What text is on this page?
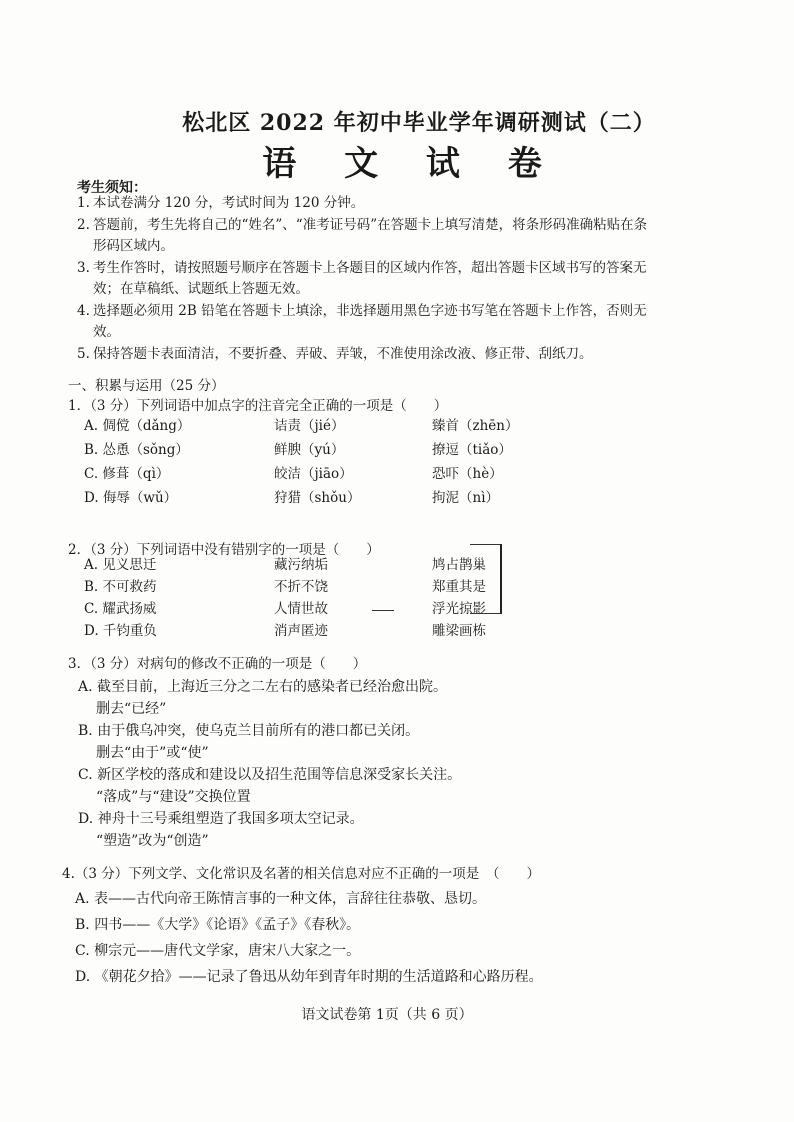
松北区 2022 年初中毕业学年调研测试（二）
语 文 试 卷
考生须知：
1. 本试卷满分 120 分，考试时间为 120 分钟。
2. 答题前，考生先将自己的“姓名”、“准考证号码”在答题卡上填写清楚，将条形码准确粘贴在条形码区域内。
3. 考生作答时，请按照题号顺序在答题卡上各题目的区域内作答，超出答题卡区域书写的答案无效；在草稿纸、试题纸上答题无效。
4. 选择题必须用 2B 铅笔在答题卡上填涂，非选择题用黑色字迹书写笔在答题卡上作答，否则无效。
5. 保持答题卡表面清洁，不要折叠、弄破、弄皱，不准使用涂改液、修正带、刮纸刀。
一、积累与运用（25 分）
1．（3 分）下列词语中加点字的注音完全正确的一项是（　　）
A. 倜傥（dǎng）	诘责（jié）	臻首（zhēn）
B. 怂恿（sǒng）	鲜腴（yú）	撩逗（tiǎo）
C. 修葺（qì）	皎洁（jiāo）	恐吓（hè）
D. 侮辱（wǔ）	狩猎（shǒu）	拘泥（nì）
2．（3 分）下列词语中没有错别字的一项是（　　）
A. 见义思迁	藏污纳垢	鸠占鹊巢
B. 不可救药	不折不饶	郑重其是
C. 耀武扬威	人情世故	浮光掠影
D. 千钧重负	消声匿迹	雕梁画栋
3．（3 分）对病句的修改不正确的一项是（　　）
A. 截至目前，上海近三分之二左右的感染者已经治愈出院。
删去“已经”
B. 由于俄乌冲突，使乌克兰目前所有的港口都已关闭。
删去“由于”或“使”
C. 新区学校的落成和建设以及招生范围等信息深受家长关注。
“落成”与“建设”交换位置
D. 神舟十三号乘组塑造了我国多项太空记录。
“塑造”改为“创造”
4.（3 分）下列文学、文化常识及名著的相关信息对应不正确的一项是　（　　）
A. 表——古代向帝王陈情言事的一种文体，言辞往往恭敬、恳切。
B. 四书——《大学》《论语》《孟子》《春秋》。
C. 柳宗元——唐代文学家，唐宋八大家之一。
D. 《朝花夕拾》——记录了鲁迅从幼年到青年时期的生活道路和心路历程。
语文试卷第 1页（共 6 页）
